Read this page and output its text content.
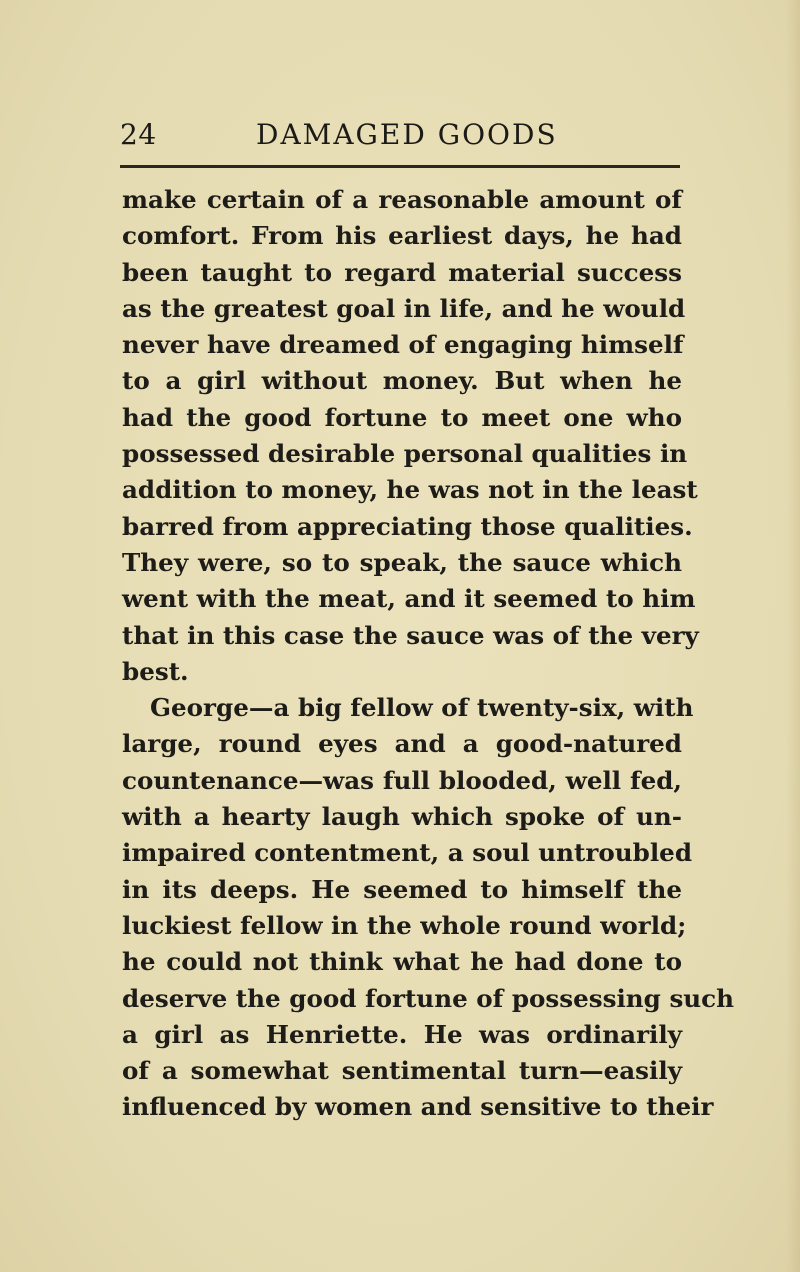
24	DAMAGED GOODS
make certain of a reasonable amount of
comfort. From his earliest days, he had
been taught to regard material success
as the greatest goal in life, and he would
never have dreamed of engaging himself
to a girl without money. But when he
had the good fortune to meet one who
possessed desirable personal qualities in
addition to money, he was not in the least
barred from appreciating those qualities.
They were, so to speak, the sauce which
went with the meat, and it seemed to him
that in this case the sauce was of the very
best.
George—a big fellow of twenty-six, with
large, round eyes and a good-natured
countenance—was full blooded, well fed,
with a hearty laugh which spoke of un-
impaired contentment, a soul untroubled
in its deeps. He seemed to himself the
luckiest fellow in the whole round world;
he could not think what he had done to
deserve the good fortune of possessing such
a girl as Henriette. He was ordinarily
of a somewhat sentimental turn—easily
influenced by women and sensitive to their
